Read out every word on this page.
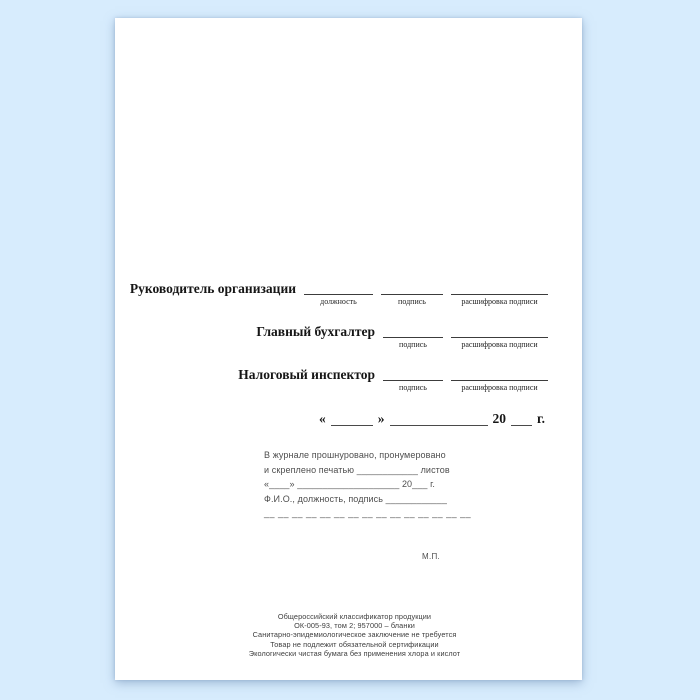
Руководитель организации
должность	подпись	расшифровка подписи
Главный бухгалтер
подпись	расшифровка подписи
Налоговый инспектор
подпись	расшифровка подписи
«	»	20 г.
В журнале прошнуровано, пронумеровано
и скреплено печатью ____________ листов
«____» ____________________ 20___ г.
Ф.И.О., должность, подпись ____________
__ __ __ __ __ __ __ __ __ __ __ __ __ __ __
М.П.
Общероссийский классификатор продукции
ОК-005-93, том 2; 957000 – бланки
Санитарно-эпидемиологическое заключение не требуется
Товар не подлежит обязательной сертификации
Экологически чистая бумага без применения хлора и кислот
